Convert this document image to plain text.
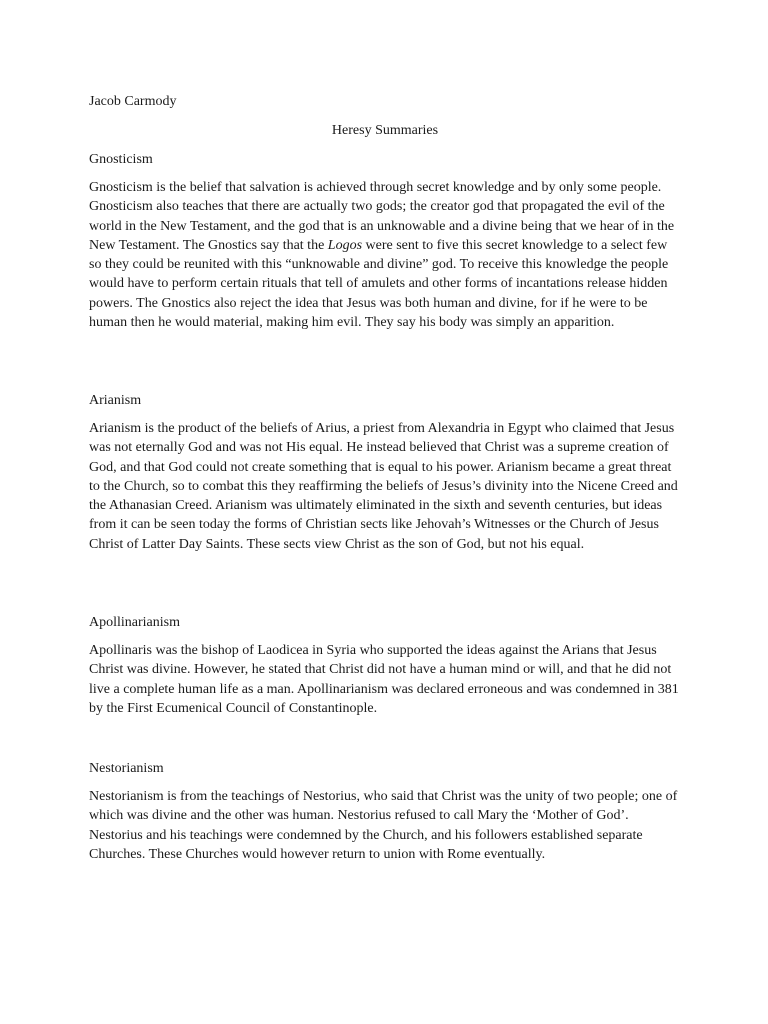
Jacob Carmody

Heresy Summaries

Gnosticism

Gnosticism is the belief that salvation is achieved through secret knowledge and by only some people. Gnosticism also teaches that there are actually two gods; the creator god that propagated the evil of the world in the New Testament, and the god that is an unknowable and a divine being that we hear of in the New Testament. The Gnostics say that the Logos were sent to five this secret knowledge to a select few so they could be reunited with this “unknowable and divine” god. To receive this knowledge the people would have to perform certain rituals that tell of amulets and other forms of incantations release hidden powers. The Gnostics also reject the idea that Jesus was both human and divine, for if he were to be human then he would material, making him evil. They say his body was simply an apparition.

Arianism

Arianism is the product of the beliefs of Arius, a priest from Alexandria in Egypt who claimed that Jesus was not eternally God and was not His equal. He instead believed that Christ was a supreme creation of God, and that God could not create something that is equal to his power. Arianism became a great threat to the Church, so to combat this they reaffirming the beliefs of Jesus’s divinity into the Nicene Creed and the Athanasian Creed. Arianism was ultimately eliminated in the sixth and seventh centuries, but ideas from it can be seen today the forms of Christian sects like Jehovah’s Witnesses or the Church of Jesus Christ of Latter Day Saints. These sects view Christ as the son of God, but not his equal.

Apollinarianism

Apollinaris was the bishop of Laodicea in Syria who supported the ideas against the Arians that Jesus Christ was divine. However, he stated that Christ did not have a human mind or will, and that he did not live a complete human life as a man. Apollinarianism was declared erroneous and was condemned in 381 by the First Ecumenical Council of Constantinople.

Nestorianism

Nestorianism is from the teachings of Nestorius, who said that Christ was the unity of two people; one of which was divine and the other was human. Nestorius refused to call Mary the ‘Mother of God’. Nestorius and his teachings were condemned by the Church, and his followers established separate Churches. These Churches would however return to union with Rome eventually.
